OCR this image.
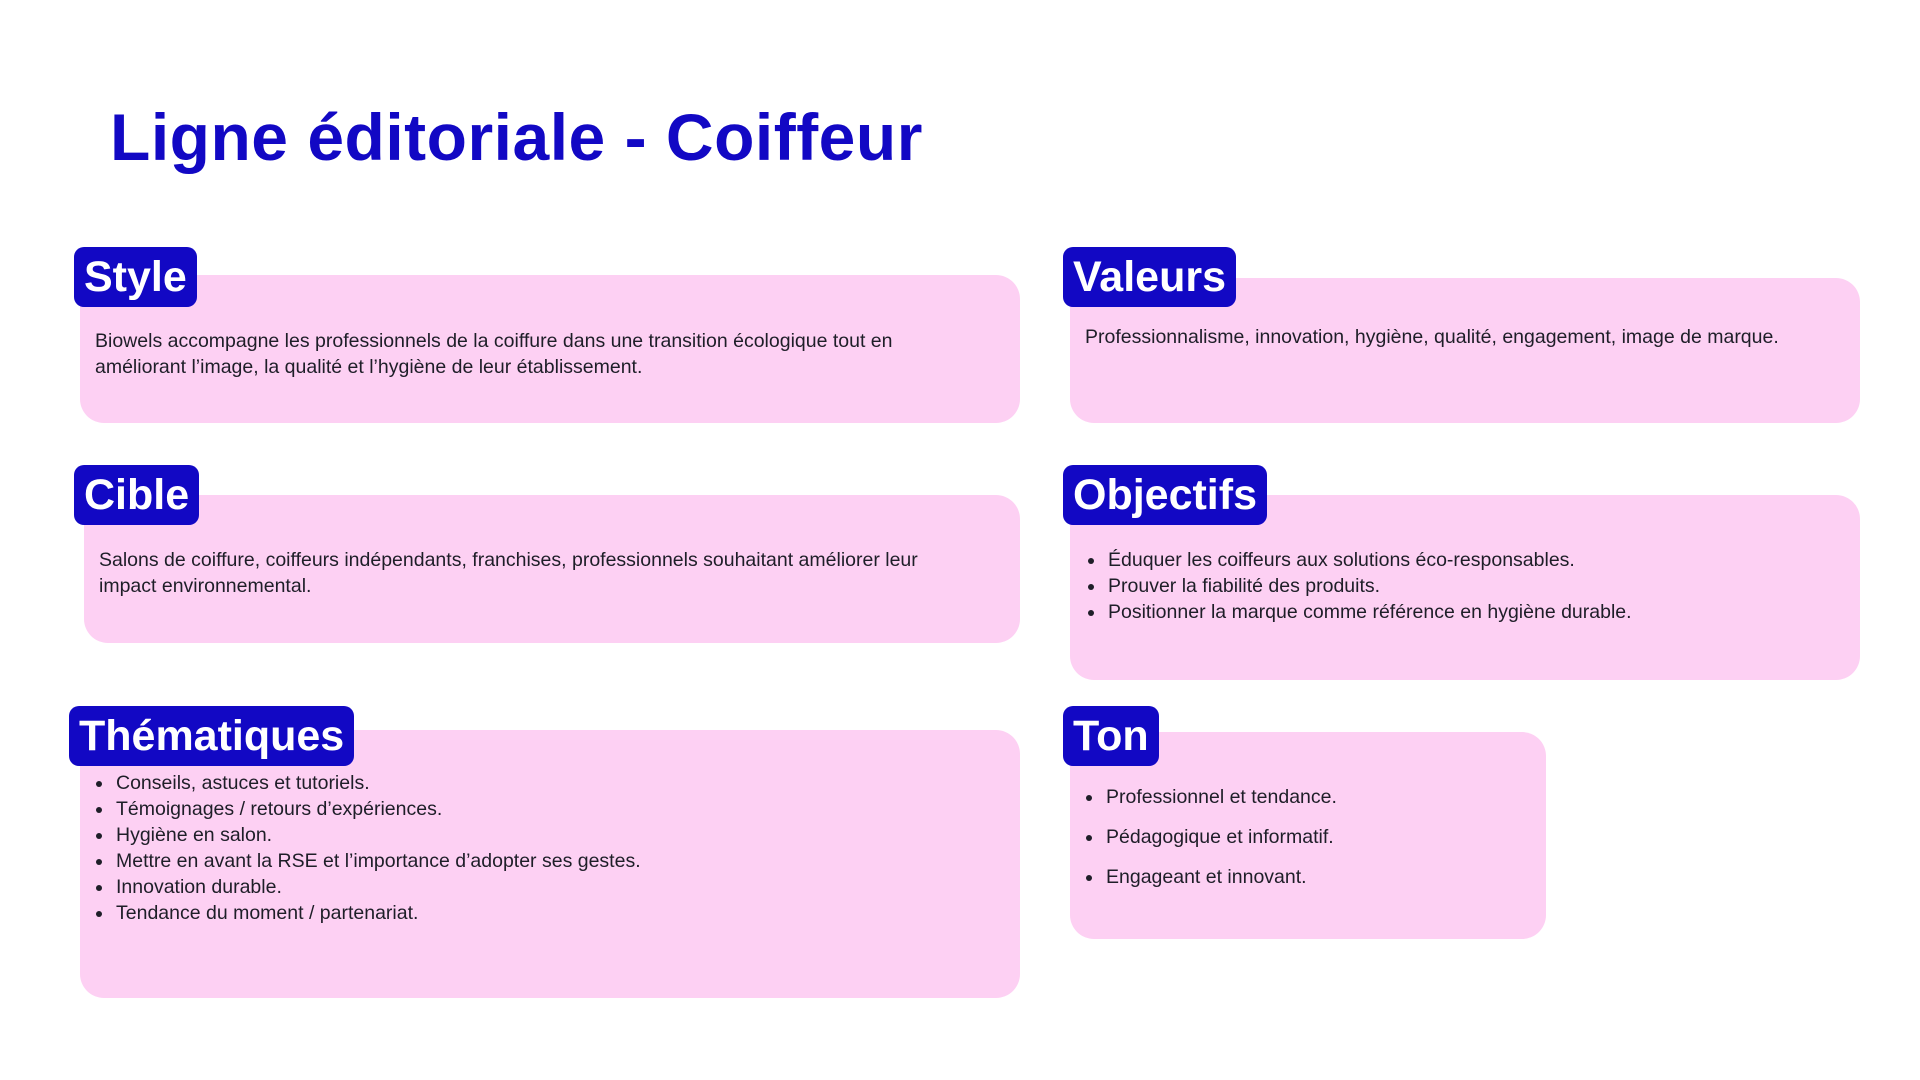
Ligne éditoriale - Coiffeur

Biowels accompagne les professionnels de la coiffure dans une transition écologique tout en améliorant l’image, la qualité et l’hygiène de leur établissement.

Style

Professionnalisme, innovation, hygiène, qualité, engagement, image de marque.

Valeurs

Salons de coiffure, coiffeurs indépendants, franchises, professionnels souhaitant améliorer leur impact environnemental.

Cible
• Éduquer les coiffeurs aux solutions éco-responsables.
• Prouver la fiabilité des produits.
• Positionner la marque comme référence en hygiène durable.
Objectifs
• Conseils, astuces et tutoriels.
• Témoignages / retours d’expériences.
• Hygiène en salon.
• Mettre en avant la RSE et l’importance d’adopter ses gestes.
• Innovation durable.
• Tendance du moment / partenariat.
Thématiques
• Professionnel et tendance.
• Pédagogique et informatif.
• Engageant et innovant.
Ton
